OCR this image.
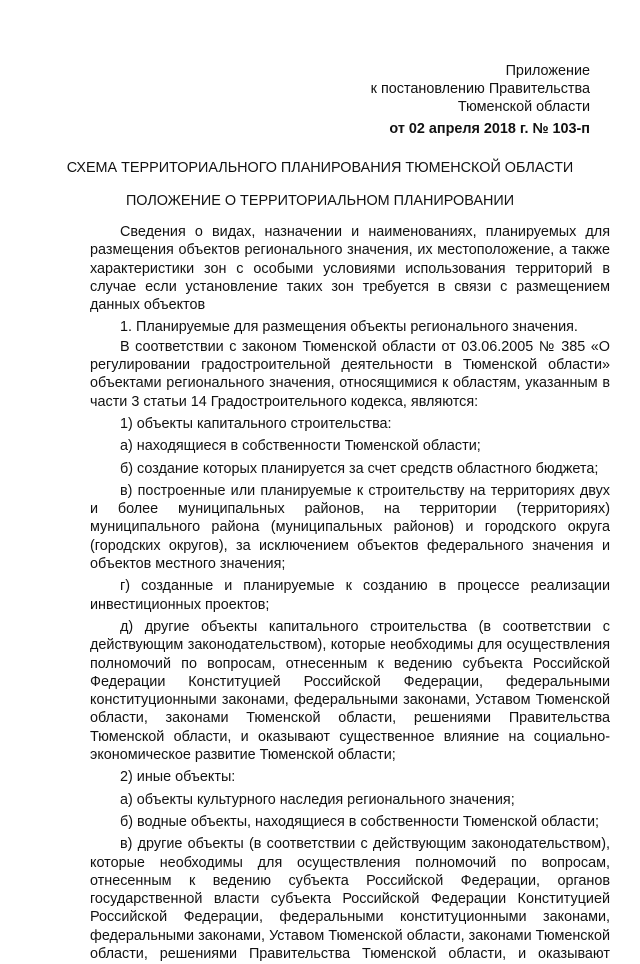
Приложение
к постановлению Правительства
Тюменской области
от 02 апреля 2018 г. № 103-п
СХЕМА ТЕРРИТОРИАЛЬНОГО ПЛАНИРОВАНИЯ ТЮМЕНСКОЙ ОБЛАСТИ
ПОЛОЖЕНИЕ О ТЕРРИТОРИАЛЬНОМ ПЛАНИРОВАНИИ

Сведения о видах, назначении и наименованиях, планируемых для размещения объектов регионального значения, их местоположение, а также характеристики зон с особыми условиями использования территорий в случае если установление таких зон требуется в связи с размещением данных объектов

1. Планируемые для размещения объекты регионального значения.

В соответствии с законом Тюменской области от 03.06.2005 № 385 «О регулировании градостроительной деятельности в Тюменской области» объектами регионального значения, относящимися к областям, указанным в части 3 статьи 14 Градостроительного кодекса, являются:

1) объекты капитального строительства:

а) находящиеся в собственности Тюменской области;

б) создание которых планируется за счет средств областного бюджета;

в) построенные или планируемые к строительству на территориях двух и более муниципальных районов, на территории (территориях) муниципального района (муниципальных районов) и городского округа (городских округов), за исключением объектов федерального значения и объектов местного значения;

г) созданные и планируемые к созданию в процессе реализации инвестиционных проектов;

д) другие объекты капитального строительства (в соответствии с действующим законодательством), которые необходимы для осуществления полномочий по вопросам, отнесенным к ведению субъекта Российской Федерации Конституцией Российской Федерации, федеральными конституционными законами, федеральными законами, Уставом Тюменской области, законами Тюменской области, решениями Правительства Тюменской области, и оказывают существенное влияние на социально-экономическое развитие Тюменской области;

2) иные объекты:

а) объекты культурного наследия регионального значения;

б) водные объекты, находящиеся в собственности Тюменской области;

в) другие объекты (в соответствии с действующим законодательством), которые необходимы для осуществления полномочий по вопросам, отнесенным к ведению субъекта Российской Федерации, органов государственной власти субъекта Российской Федерации Конституцией Российской Федерации, федеральными конституционными законами, федеральными законами, Уставом Тюменской области, законами Тюменской области, решениями Правительства Тюменской области, и оказывают
